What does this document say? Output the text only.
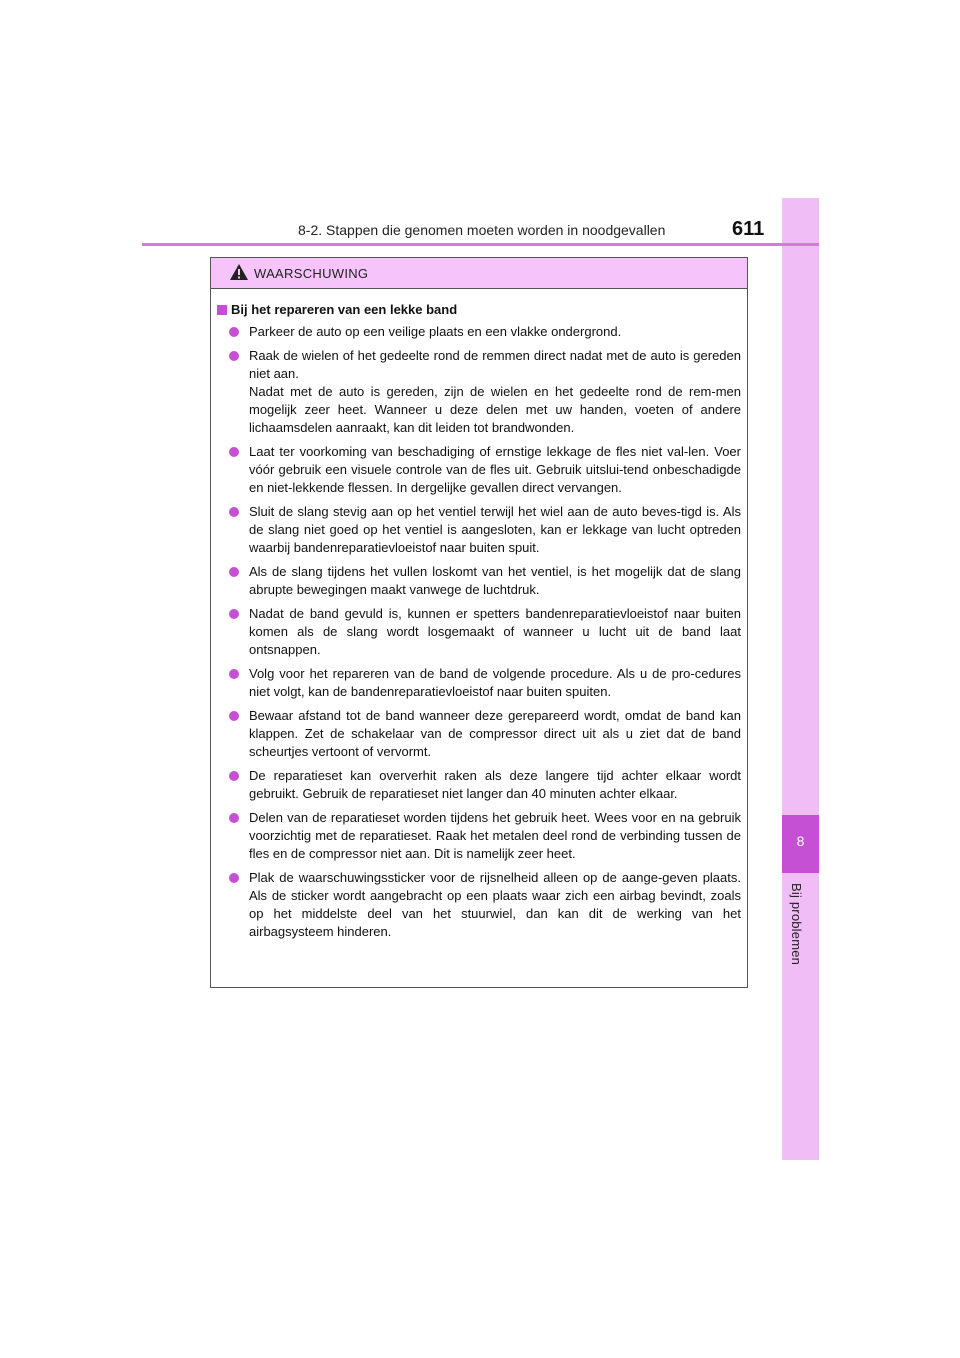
8
Bij problemen
8-2. Stappen die genomen moeten worden in noodgevallen	611
WAARSCHUWING
Bij het repareren van een lekke band
Parkeer de auto op een veilige plaats en een vlakke ondergrond.
Raak de wielen of het gedeelte rond de remmen direct nadat met de auto is gereden niet aan.
Nadat met de auto is gereden, zijn de wielen en het gedeelte rond de rem-men mogelijk zeer heet. Wanneer u deze delen met uw handen, voeten of andere lichaamsdelen aanraakt, kan dit leiden tot brandwonden.
Laat ter voorkoming van beschadiging of ernstige lekkage de fles niet val-len. Voer vóór gebruik een visuele controle van de fles uit. Gebruik uitslui-tend onbeschadigde en niet-lekkende flessen. In dergelijke gevallen direct vervangen.
Sluit de slang stevig aan op het ventiel terwijl het wiel aan de auto beves-tigd is. Als de slang niet goed op het ventiel is aangesloten, kan er lekkage van lucht optreden waarbij bandenreparatievloeistof naar buiten spuit.
Als de slang tijdens het vullen loskomt van het ventiel, is het mogelijk dat de slang abrupte bewegingen maakt vanwege de luchtdruk.
Nadat de band gevuld is, kunnen er spetters bandenreparatievloeistof naar buiten komen als de slang wordt losgemaakt of wanneer u lucht uit de band laat ontsnappen.
Volg voor het repareren van de band de volgende procedure. Als u de pro-cedures niet volgt, kan de bandenreparatievloeistof naar buiten spuiten.
Bewaar afstand tot de band wanneer deze gerepareerd wordt, omdat de band kan klappen. Zet de schakelaar van de compressor direct uit als u ziet dat de band scheurtjes vertoont of vervormt.
De reparatieset kan oververhit raken als deze langere tijd achter elkaar wordt gebruikt. Gebruik de reparatieset niet langer dan 40 minuten achter elkaar.
Delen van de reparatieset worden tijdens het gebruik heet. Wees voor en na gebruik voorzichtig met de reparatieset. Raak het metalen deel rond de verbinding tussen de fles en de compressor niet aan. Dit is namelijk zeer heet.
Plak de waarschuwingssticker voor de rijsnelheid alleen op de aange-geven plaats. Als de sticker wordt aangebracht op een plaats waar zich een airbag bevindt, zoals op het middelste deel van het stuurwiel, dan kan dit de werking van het airbagsysteem hinderen.
